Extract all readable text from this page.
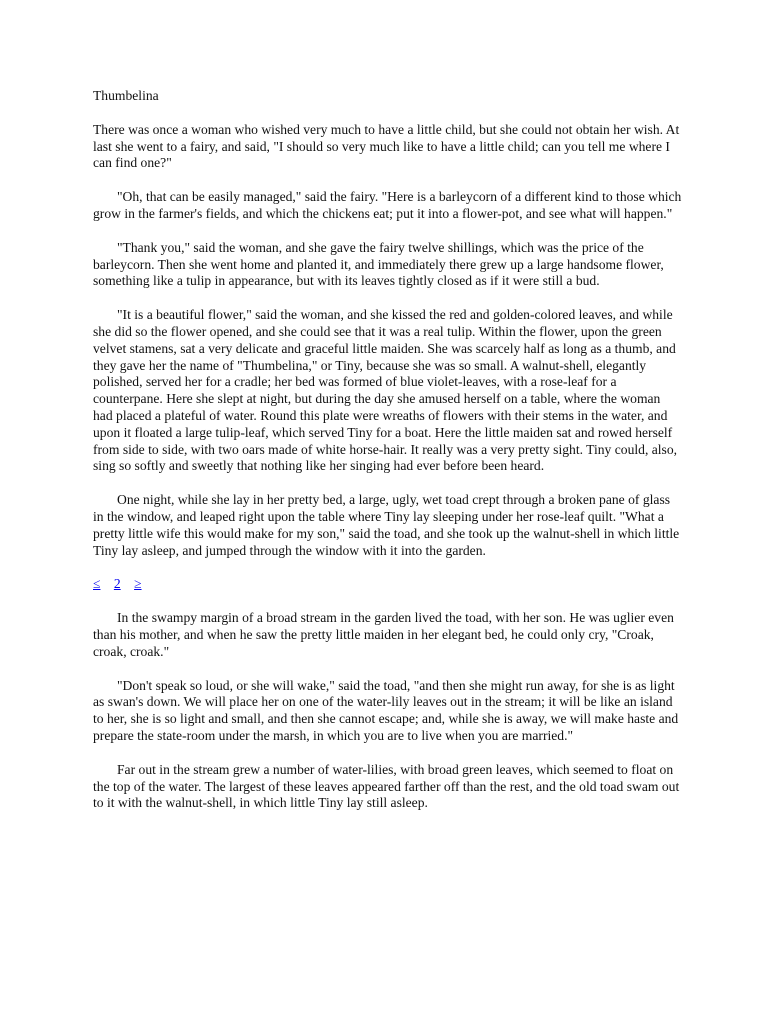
Thumbelina

There was once a woman who wished very much to have a little child, but she could not obtain her wish. At last she went to a fairy, and said, "I should so very much like to have a little child; can you tell me where I can find one?"

"Oh, that can be easily managed," said the fairy. "Here is a barleycorn of a different kind to those which grow in the farmer's fields, and which the chickens eat; put it into a flower-pot, and see what will happen."

"Thank you," said the woman, and she gave the fairy twelve shillings, which was the price of the barleycorn. Then she went home and planted it, and immediately there grew up a large handsome flower, something like a tulip in appearance, but with its leaves tightly closed as if it were still a bud.

"It is a beautiful flower," said the woman, and she kissed the red and golden-colored leaves, and while she did so the flower opened, and she could see that it was a real tulip. Within the flower, upon the green velvet stamens, sat a very delicate and graceful little maiden. She was scarcely half as long as a thumb, and they gave her the name of "Thumbelina," or Tiny, because she was so small. A walnut-shell, elegantly polished, served her for a cradle; her bed was formed of blue violet-leaves, with a rose-leaf for a counterpane. Here she slept at night, but during the day she amused herself on a table, where the woman had placed a plateful of water. Round this plate were wreaths of flowers with their stems in the water, and upon it floated a large tulip-leaf, which served Tiny for a boat. Here the little maiden sat and rowed herself from side to side, with two oars made of white horse-hair. It really was a very pretty sight. Tiny could, also, sing so softly and sweetly that nothing like her singing had ever before been heard.

One night, while she lay in her pretty bed, a large, ugly, wet toad crept through a broken pane of glass in the window, and leaped right upon the table where Tiny lay sleeping under her rose-leaf quilt. "What a pretty little wife this would make for my son," said the toad, and she took up the walnut-shell in which little Tiny lay asleep, and jumped through the window with it into the garden.

≤ 2 ≥

In the swampy margin of a broad stream in the garden lived the toad, with her son. He was uglier even than his mother, and when he saw the pretty little maiden in her elegant bed, he could only cry, "Croak, croak, croak."

"Don't speak so loud, or she will wake," said the toad, "and then she might run away, for she is as light as swan's down. We will place her on one of the water-lily leaves out in the stream; it will be like an island to her, she is so light and small, and then she cannot escape; and, while she is away, we will make haste and prepare the state-room under the marsh, in which you are to live when you are married."

Far out in the stream grew a number of water-lilies, with broad green leaves, which seemed to float on the top of the water. The largest of these leaves appeared farther off than the rest, and the old toad swam out to it with the walnut-shell, in which little Tiny lay still asleep.
